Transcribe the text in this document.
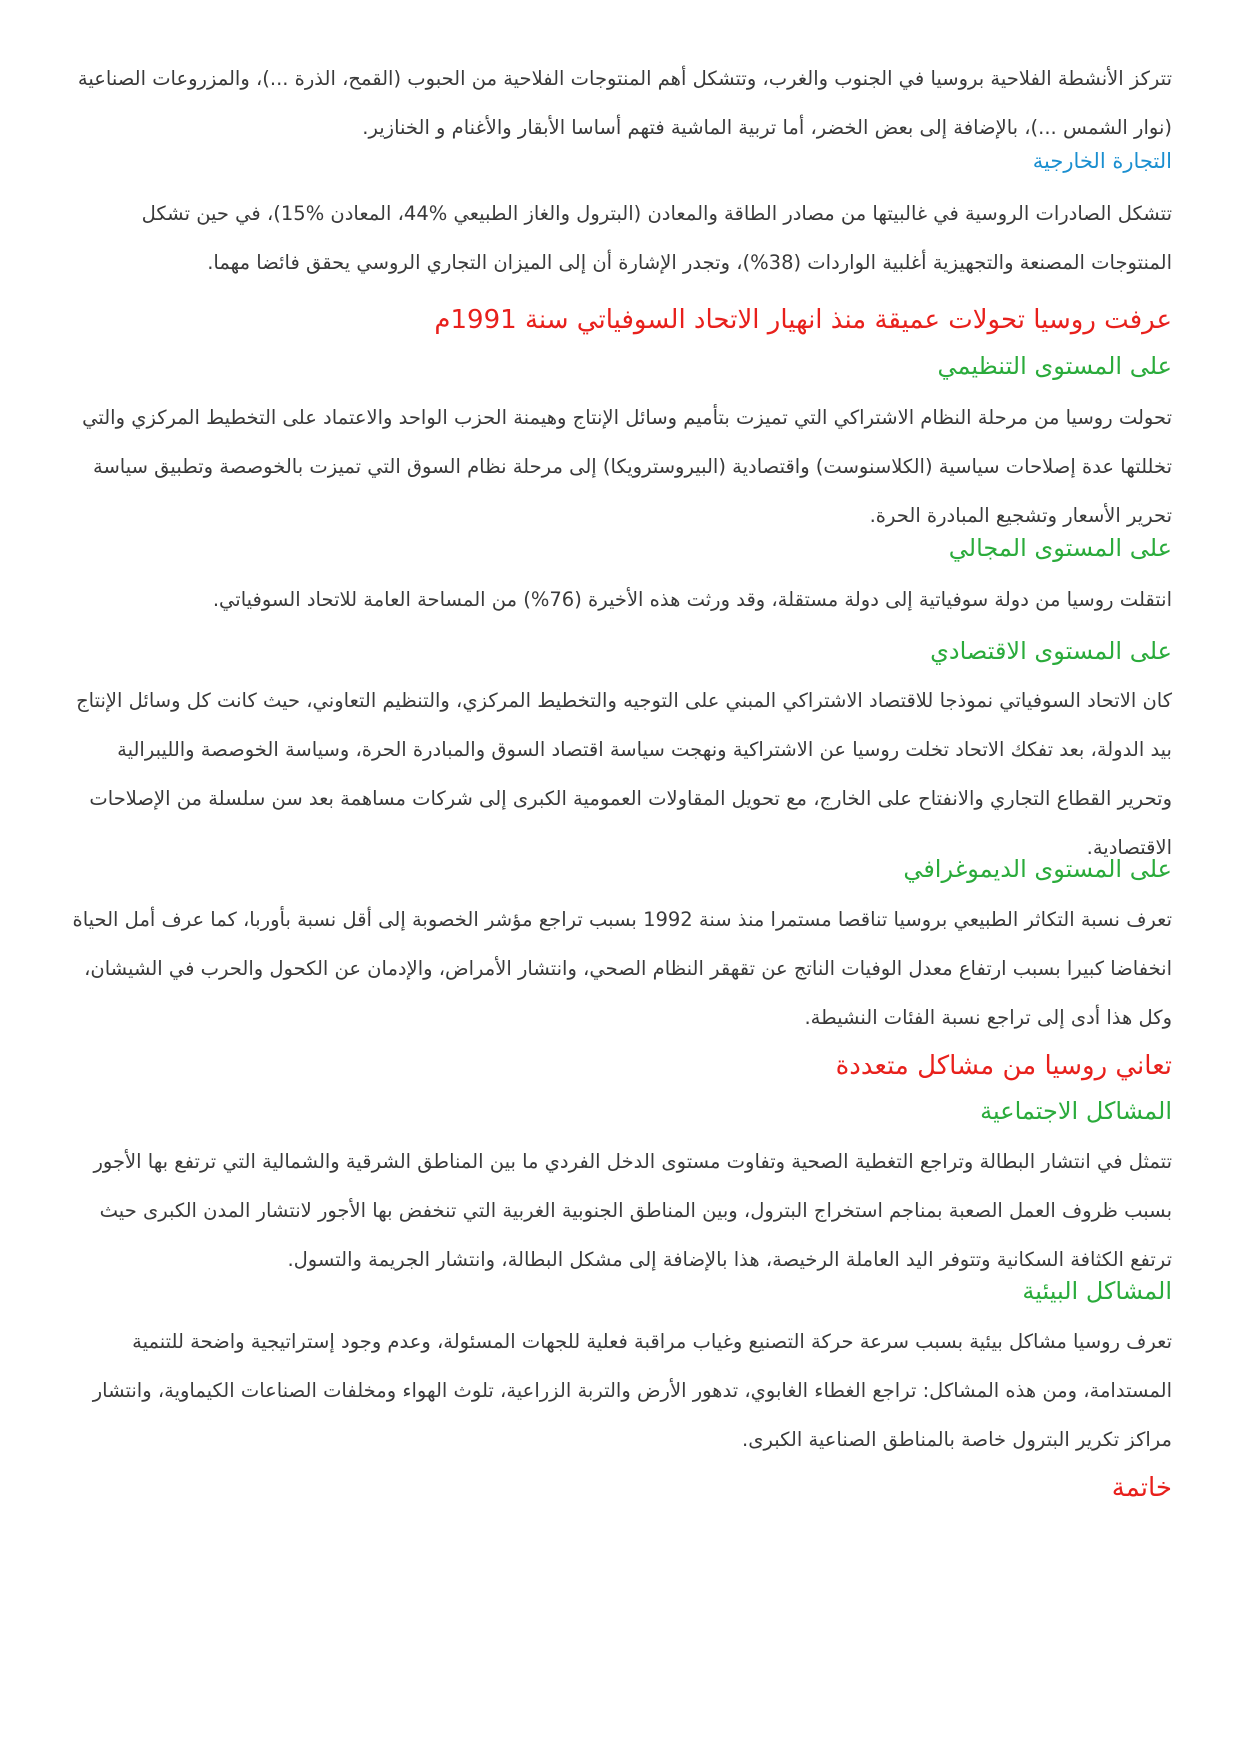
تتركز الأنشطة الفلاحية بروسيا في الجنوب والغرب، وتتشكل أهم المنتوجات الفلاحية من الحبوب (القمح، الذرة ...)، والمزروعات الصناعية (نوار الشمس ...)، بالإضافة إلى بعض الخضر، أما تربية الماشية فتهم أساسا الأبقار والأغنام و الخنازير.

التجارة الخارجية

تتشكل الصادرات الروسية في غالبيتها من مصادر الطاقة والمعادن (البترول والغاز الطبيعي %44، المعادن %15)، في حين تشكل المنتوجات المصنعة والتجهيزية أغلبية الواردات (38%)، وتجدر الإشارة أن إلى الميزان التجاري الروسي يحقق فائضا مهما.

عرفت روسيا تحولات عميقة منذ انهيار الاتحاد السوفياتي سنة 1991م
على المستوى التنظيمي

تحولت روسيا من مرحلة النظام الاشتراكي التي تميزت بتأميم وسائل الإنتاج وهيمنة الحزب الواحد والاعتماد على التخطيط المركزي والتي تخللتها عدة إصلاحات سياسية (الكلاسنوست) واقتصادية (البيروسترويكا) إلى مرحلة نظام السوق التي تميزت بالخوصصة وتطبيق سياسة تحرير الأسعار وتشجيع المبادرة الحرة.

على المستوى المجالي

انتقلت روسيا من دولة سوفياتية إلى دولة مستقلة، وقد ورثت هذه الأخيرة (76%) من المساحة العامة للاتحاد السوفياتي.

على المستوى الاقتصادي

كان الاتحاد السوفياتي نموذجا للاقتصاد الاشتراكي المبني على التوجيه والتخطيط المركزي، والتنظيم التعاوني، حيث كانت كل وسائل الإنتاج بيد الدولة، بعد تفكك الاتحاد تخلت روسيا عن الاشتراكية ونهجت سياسة اقتصاد السوق والمبادرة الحرة، وسياسة الخوصصة والليبرالية وتحرير القطاع التجاري والانفتاح على الخارج، مع تحويل المقاولات العمومية الكبرى إلى شركات مساهمة بعد سن سلسلة من الإصلاحات الاقتصادية.

على المستوى الديموغرافي

تعرف نسبة التكاثر الطبيعي بروسيا تناقصا مستمرا منذ سنة 1992 بسبب تراجع مؤشر الخصوبة إلى أقل نسبة بأوربا، كما عرف أمل الحياة انخفاضا كبيرا بسبب ارتفاع معدل الوفيات الناتج عن تقهقر النظام الصحي، وانتشار الأمراض، والإدمان عن الكحول والحرب في الشيشان، وكل هذا أدى إلى تراجع نسبة الفئات النشيطة.

تعاني روسيا من مشاكل متعددة
المشاكل الاجتماعية

تتمثل في انتشار البطالة وتراجع التغطية الصحية وتفاوت مستوى الدخل الفردي ما بين المناطق الشرقية والشمالية التي ترتفع بها الأجور بسبب ظروف العمل الصعبة بمناجم استخراج البترول، وبين المناطق الجنوبية الغربية التي تنخفض بها الأجور لانتشار المدن الكبرى حيث ترتفع الكثافة السكانية وتتوفر اليد العاملة الرخيصة، هذا بالإضافة إلى مشكل البطالة، وانتشار الجريمة والتسول.

المشاكل البيئية

تعرف روسيا مشاكل بيئية بسبب سرعة حركة التصنيع وغياب مراقبة فعلية للجهات المسئولة، وعدم وجود إستراتيجية واضحة للتنمية المستدامة، ومن هذه المشاكل: تراجع الغطاء الغابوي، تدهور الأرض والتربة الزراعية، تلوث الهواء ومخلفات الصناعات الكيماوية، وانتشار مراكز تكرير البترول خاصة بالمناطق الصناعية الكبرى.

خاتمة
